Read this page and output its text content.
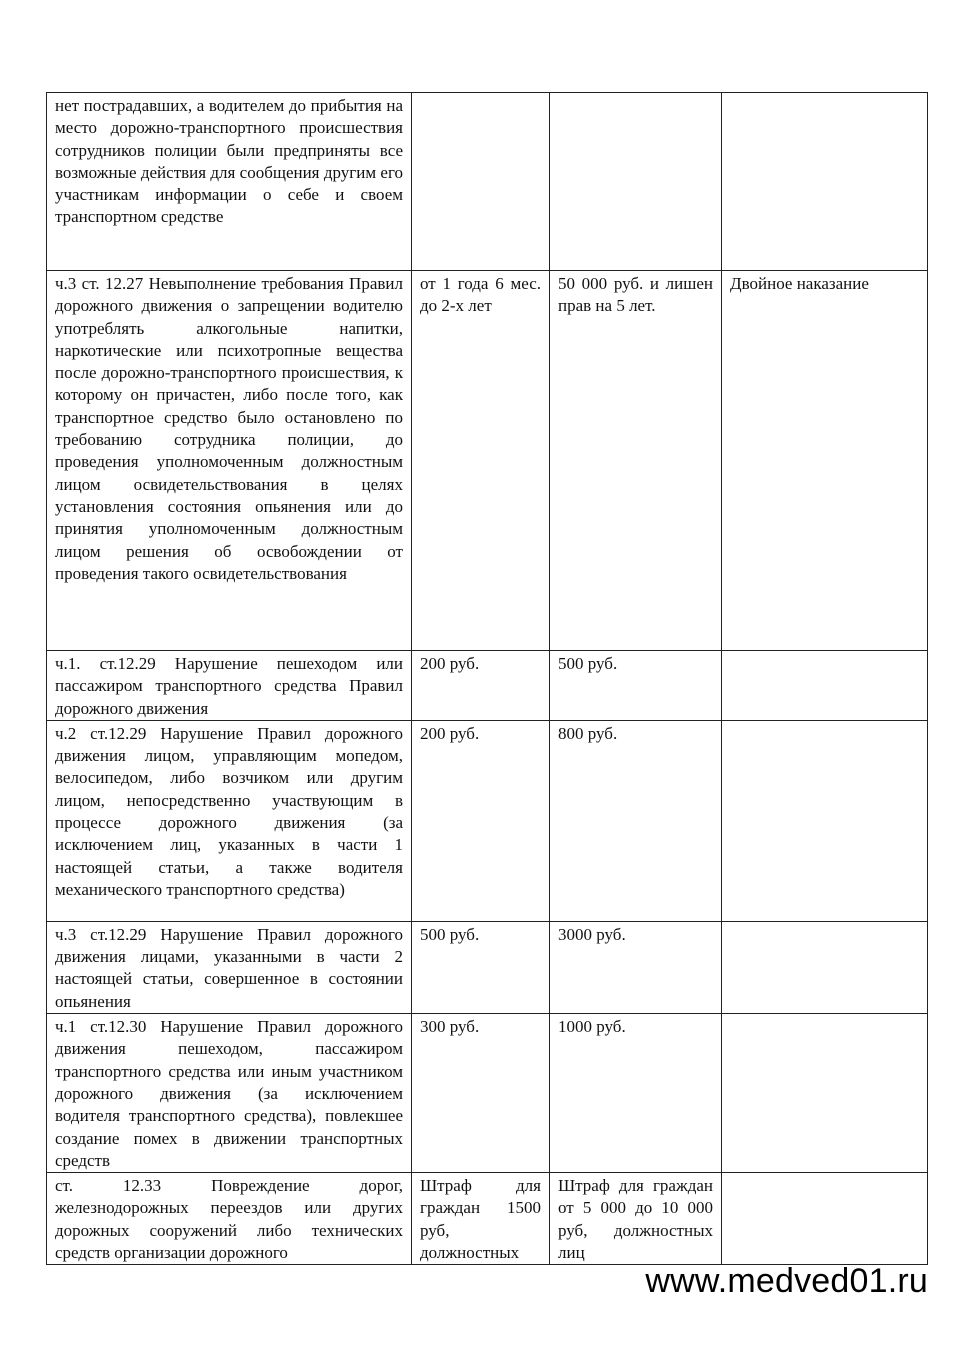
нет пострадавших, а водителем до прибытия на место дорожно-транспортного происшествия сотрудников полиции были предприняты все возможные действия для сообщения другим его участникам информации о себе и своем транспортном средстве			

ч.3 ст. 12.27 Невыполнение требования Правил дорожного движения о запрещении водителю употреблять алкогольные напитки, наркотические или психотропные вещества после дорожно-транспортного происшествия, к которому он причастен, либо после того, как транспортное средство было остановлено по требованию сотрудника полиции, до проведения уполномоченным должностным лицом освидетельствования в целях установления состояния опьянения или до принятия уполномоченным должностным лицом решения об освобождении от проведения такого освидетельствования	от 1 года 6 мес. до 2-х лет	50 000 руб. и лишен прав на 5 лет.	Двойное наказание

ч.1. ст.12.29 Нарушение пешеходом или пассажиром транспортного средства Правил дорожного движения	200 руб.	500 руб.	

ч.2 ст.12.29 Нарушение Правил дорожного движения лицом, управляющим мопедом, велосипедом, либо возчиком или другим лицом, непосредственно участвующим в процессе дорожного движения (за исключением лиц, указанных в части 1 настоящей статьи, а также водителя механического транспортного средства)	200 руб.	800 руб.	

ч.3 ст.12.29 Нарушение Правил дорожного движения лицами, указанными в части 2 настоящей статьи, совершенное в состоянии опьянения	500 руб.	3000 руб.	

ч.1 ст.12.30 Нарушение Правил дорожного движения пешеходом, пассажиром транспортного средства или иным участником дорожного движения (за исключением водителя транспортного средства), повлекшее создание помех в движении транспортных средств	300 руб.	1000 руб.	

ст. 12.33 Повреждение дорог, железнодорожных переездов или других дорожных сооружений либо технических средств организации дорожного	Штраф для граждан 1500 руб, должностных	Штраф для граждан от 5 000 до 10 000 руб, должностных лиц	

www.medved01.ru
